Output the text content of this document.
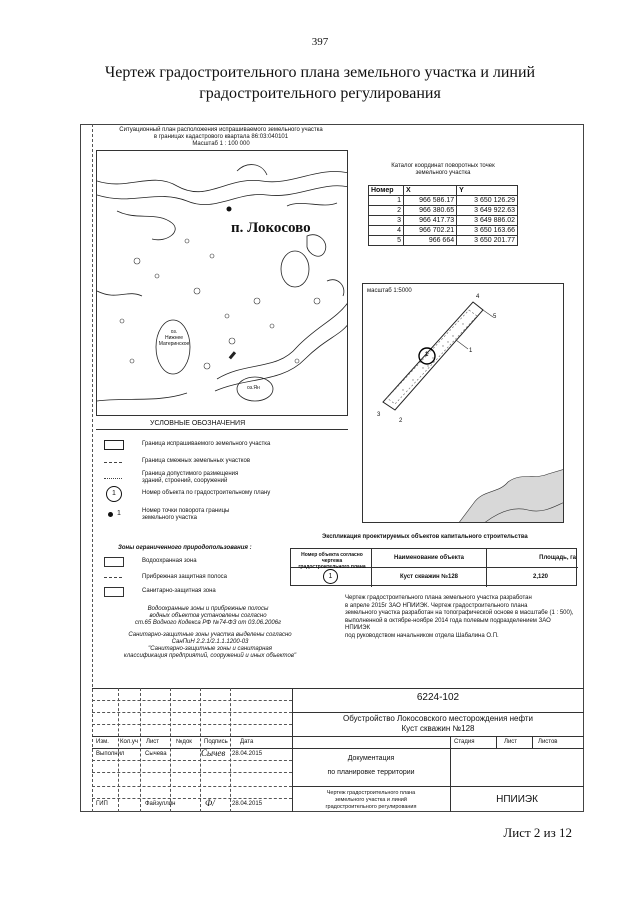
397
Чертеж градостроительного плана земельного участка и линий
градостроительного регулирования
Ситуационный план расположения испрашиваемого земельного участка
в границах кадастрового квартала 86:03:040101
Масштаб 1 : 100 000
п. Локосово
оз.
Нижнее
Материнское
оз.Ян
Каталог координат поворотных точек
земельного участка
Номер	X	Y
1	966 586.17	3 650 126.29
2	966 380.65	3 649 922.63
3	966 417.73	3 649 886.02
4	966 702.21	3 650 163.66
5	966 664	3 650 201.77
масштаб 1:5000
4
5
1
3
2
1
УСЛОВНЫЕ ОБОЗНАЧЕНИЯ
Граница испрашиваемого земельного участка
Граница смежных земельных участков
Граница допустимого размещения
зданий, строений, сооружений
1	Номер объекта по градостроительному плану
1	Номер точки поворота границы
земельного участка
Зоны ограниченного природопользования :
Водоохранная зона
Прибрежная защитная полоса
Санитарно-защитная зона
Водоохранные зоны и прибрежные полосы
водных объектов установлены согласно
ст.65 Водного Кодекса РФ №74-ФЗ от 03.06.2006г
Санитарно-защитные зоны участка выделены согласно
СанПиН 2.2.1/2.1.1.1200-03
"Санитарно-защитные зоны и санитарная
классификация предприятий, сооружений и иных объектов"
Экспликация проектируемых объектов капитального строительства
Номер объекта согласно чертежа
градостроительного плана
Наименование объекта	Площадь, га
1	Куст скважин №128	2,120
Чертеж градостроительного плана земельного участка разработан
в апреле 2015г ЗАО НПИИЭК. Чертеж градостроительного плана
земельного участка разработан на топографической основе в масштабе (1 : 500),
выполненной в октябре-ноябре 2014 года полевым подразделением ЗАО НПИИЭК
под руководством начальником отдела Шабалина О.П.
6224-102
Обустройство Локосовского месторождения нефти
Куст скважин №128
Изм. Кол.уч Лист	№док Подпись Дата
Выполнил	Сычева	Сычев 28.04.2015
ГИП	Файзуллин	Ф/	28.04.2015
Документация
по планировке территории
Стадия	Лист	Листов
Чертеж градостроительного плана
земельного участка и линий
градостроительного регулирования
НПИИЭК
Лист 2 из 12
